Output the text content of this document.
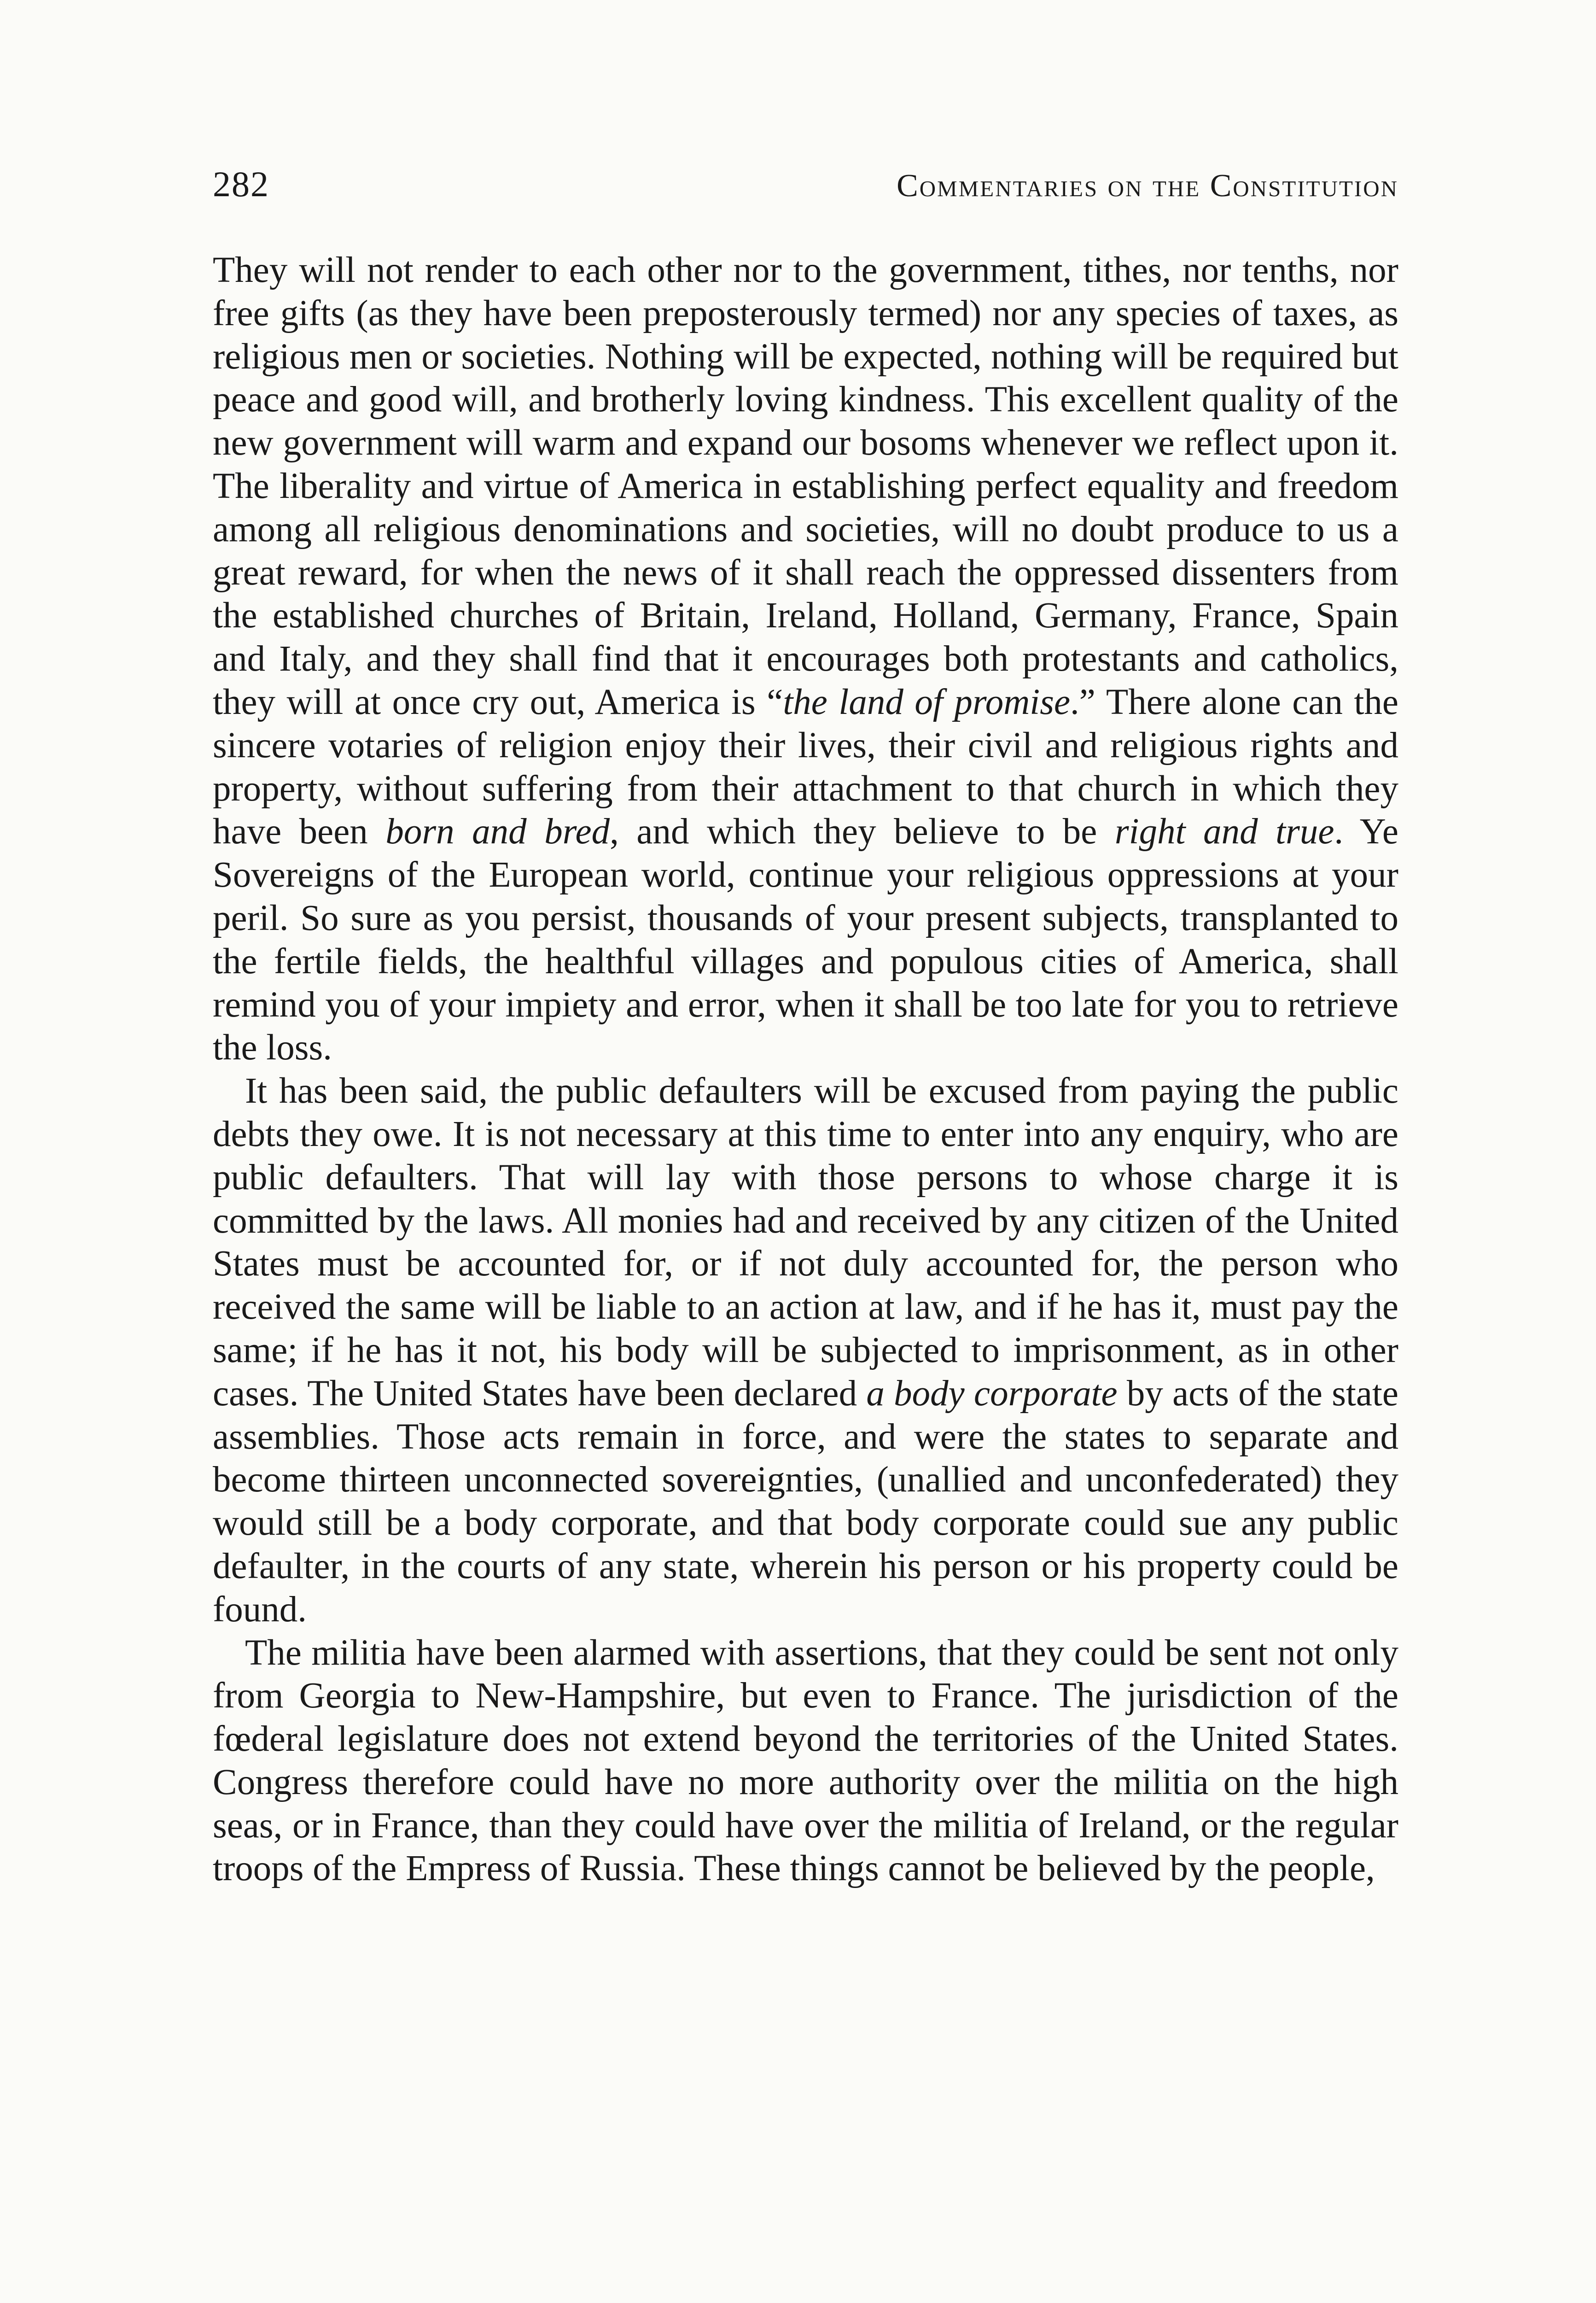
282	Commentaries on the Constitution

They will not render to each other nor to the government, tithes, nor tenths, nor free gifts (as they have been preposterously termed) nor any species of taxes, as religious men or societies. Nothing will be expected, nothing will be required but peace and good will, and brotherly loving kindness. This excellent quality of the new government will warm and expand our bosoms whenever we reflect upon it. The liberality and virtue of America in establishing perfect equality and freedom among all religious denominations and societies, will no doubt produce to us a great reward, for when the news of it shall reach the oppressed dissenters from the established churches of Britain, Ireland, Holland, Germany, France, Spain and Italy, and they shall find that it encourages both protestants and catholics, they will at once cry out, America is “the land of promise.” There alone can the sincere votaries of religion enjoy their lives, their civil and religious rights and property, without suffering from their attachment to that church in which they have been born and bred, and which they believe to be right and true. Ye Sovereigns of the European world, continue your religious oppressions at your peril. So sure as you persist, thousands of your present subjects, transplanted to the fertile fields, the healthful villages and populous cities of America, shall remind you of your impiety and error, when it shall be too late for you to retrieve the loss.

It has been said, the public defaulters will be excused from paying the public debts they owe. It is not necessary at this time to enter into any enquiry, who are public defaulters. That will lay with those persons to whose charge it is committed by the laws. All monies had and received by any citizen of the United States must be accounted for, or if not duly accounted for, the person who received the same will be liable to an action at law, and if he has it, must pay the same; if he has it not, his body will be subjected to imprisonment, as in other cases. The United States have been declared a body corporate by acts of the state assemblies. Those acts remain in force, and were the states to separate and become thirteen unconnected sovereignties, (unallied and unconfederated) they would still be a body corporate, and that body corporate could sue any public defaulter, in the courts of any state, wherein his person or his property could be found.

The militia have been alarmed with assertions, that they could be sent not only from Georgia to New-Hampshire, but even to France. The jurisdiction of the fœderal legislature does not extend beyond the territories of the United States. Congress therefore could have no more authority over the militia on the high seas, or in France, than they could have over the militia of Ireland, or the regular troops of the Empress of Russia. These things cannot be believed by the people,
